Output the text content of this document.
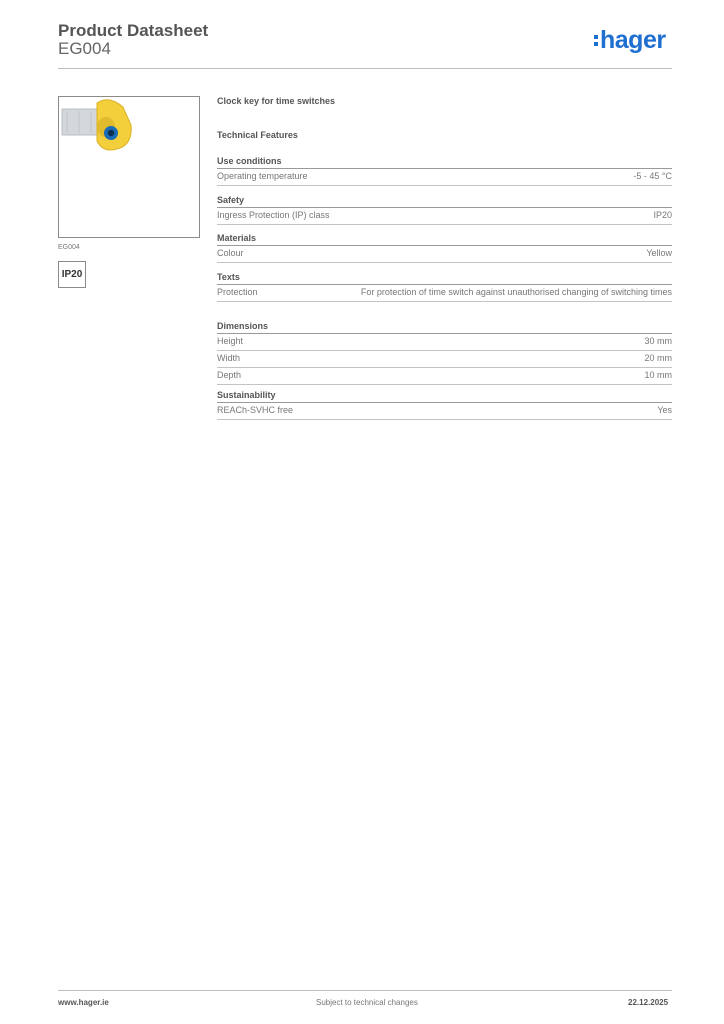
Product Datasheet
EG004	hager
EG004
IP20
Clock key for time switches
Technical Features
Use conditions
Operating temperature	-5 - 45 °C
Safety
Ingress Protection (IP) class	IP20
Materials
Colour	Yellow
Texts
Protection	For protection of time switch against unauthorised changing of switching times
Dimensions
Height	30 mm
Width	20 mm
Depth	10 mm
Sustainability
REACh-SVHC free	Yes
www.hager.ie	Subject to technical changes	22.12.2025
